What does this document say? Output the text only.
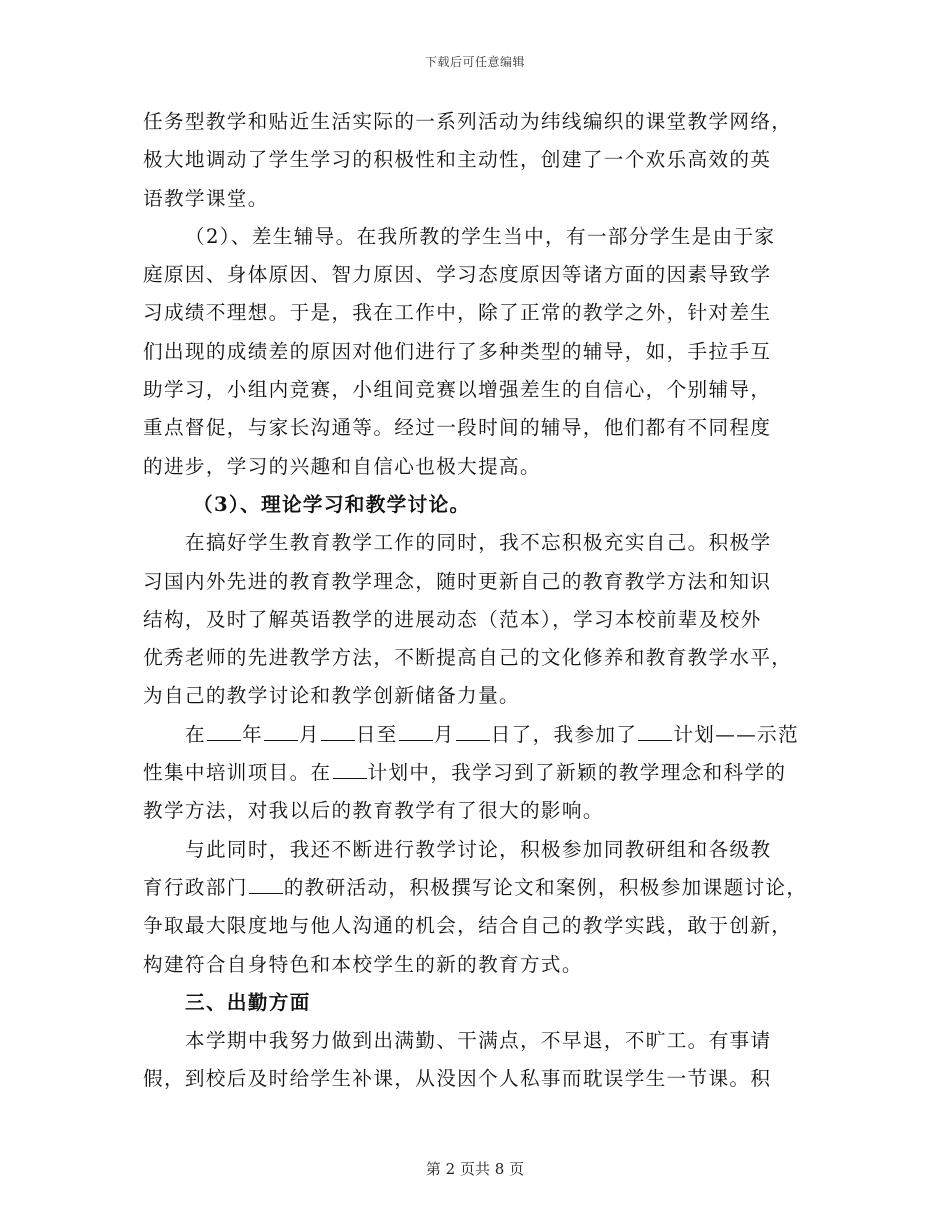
下载后可任意编辑
任务型教学和贴近生活实际的一系列活动为纬线编织的课堂教学网络，
极大地调动了学生学习的积极性和主动性，创建了一个欢乐高效的英
语教学课堂。
（2）、差生辅导。在我所教的学生当中，有一部分学生是由于家
庭原因、身体原因、智力原因、学习态度原因等诸方面的因素导致学
习成绩不理想。于是，我在工作中，除了正常的教学之外，针对差生
们出现的成绩差的原因对他们进行了多种类型的辅导，如，手拉手互
助学习，小组内竞赛，小组间竞赛以增强差生的自信心，个别辅导，
重点督促，与家长沟通等。经过一段时间的辅导，他们都有不同程度
的进步，学习的兴趣和自信心也极大提高。
（3）、理论学习和教学讨论。
在搞好学生教育教学工作的同时，我不忘积极充实自己。积极学
习国内外先进的教育教学理念，随时更新自己的教育教学方法和知识
结构，及时了解英语教学的进展动态（范本），学习本校前辈及校外
优秀老师的先进教学方法，不断提高自己的文化修养和教育教学水平，
为自己的教学讨论和教学创新储备力量。
在 年 月 日至 月 日了，我参加了 计划——示范
性集中培训项目。在 计划中，我学习到了新颖的教学理念和科学的
教学方法，对我以后的教育教学有了很大的影响。
与此同时，我还不断进行教学讨论，积极参加同教研组和各级教
育行政部门 的教研活动，积极撰写论文和案例，积极参加课题讨论，
争取最大限度地与他人沟通的机会，结合自己的教学实践，敢于创新，
构建符合自身特色和本校学生的新的教育方式。
三、出勤方面
本学期中我努力做到出满勤、干满点，不早退，不旷工。有事请
假，到校后及时给学生补课，从没因个人私事而耽误学生一节课。积
第 2 页共 8 页
